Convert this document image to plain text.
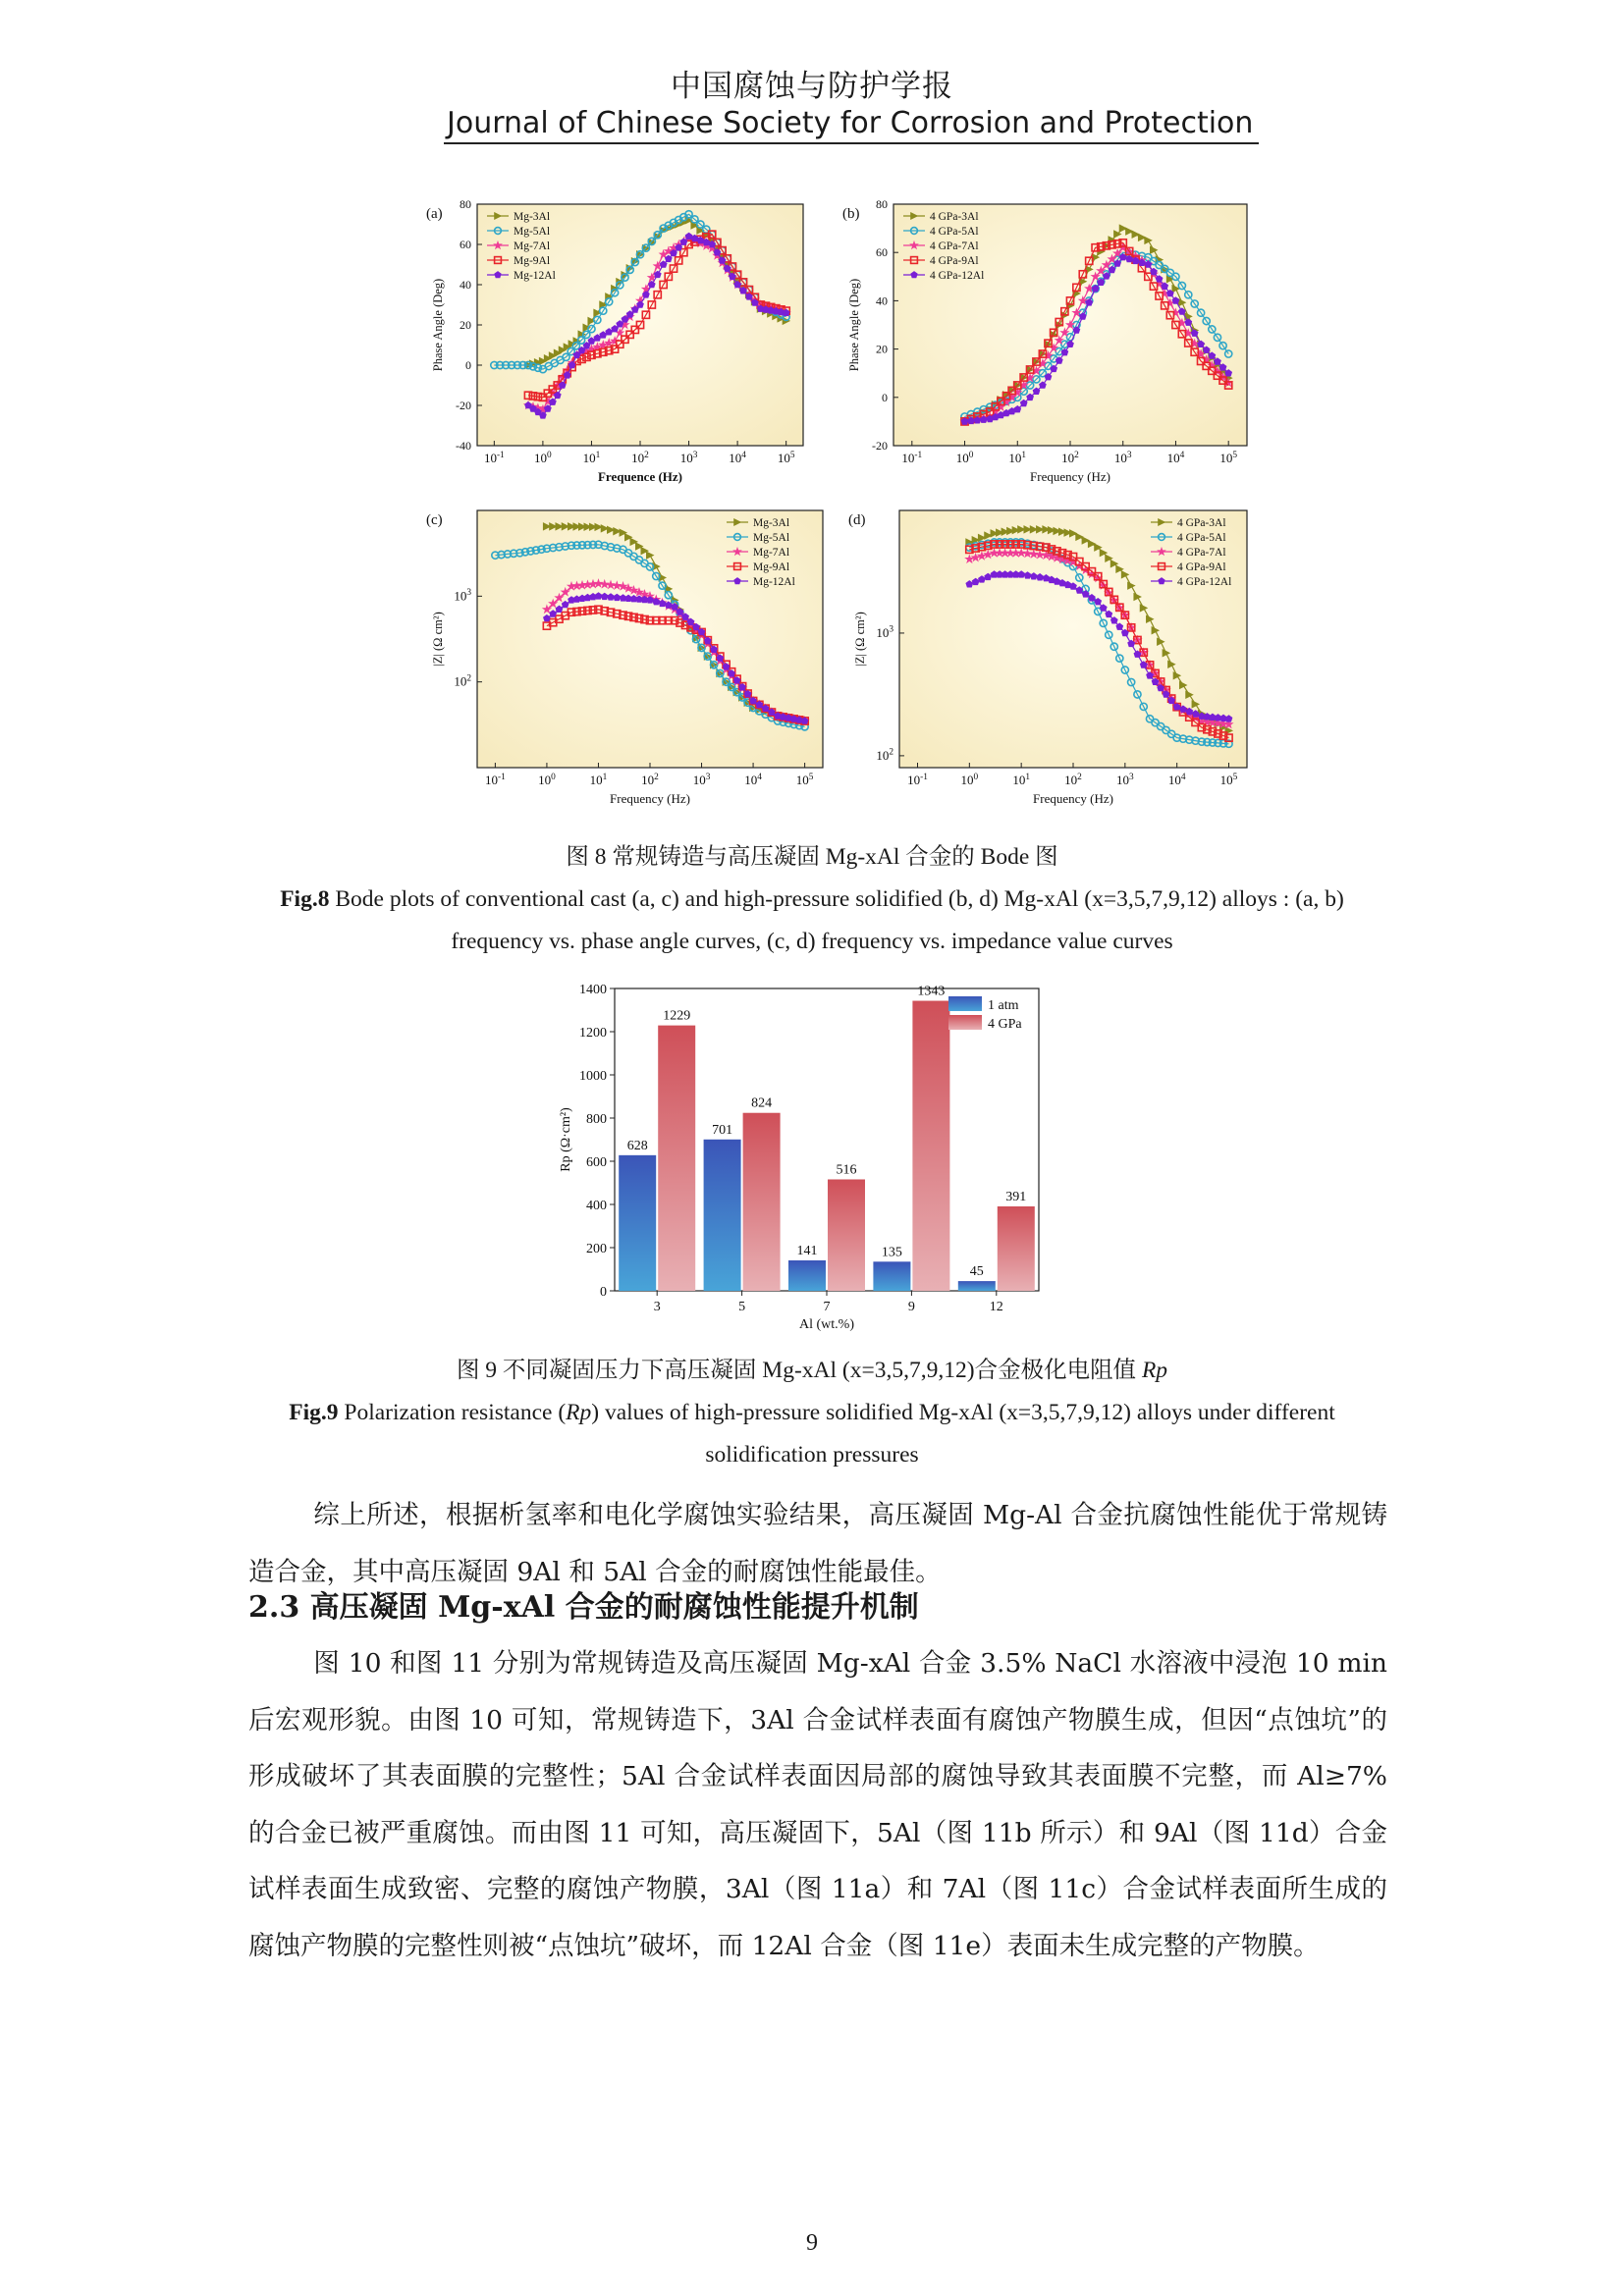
中国腐蚀与防护学报
Journal of Chinese Society for Corrosion and Protection
$10^{-1}$ $10^0$ $10^1$ $10^2$ $10^3$ $10^4$ $10^5$
-40
-20
0
20
40
60
80
Frequence (Hz)
Phase Angle (Deg)
(a)	Mg-3Al
Mg-5Al
Mg-7Al
Mg-9Al
Mg-12Al
$10^{-1}$	$10^0$	$10^1$	$10^2$	$10^3$	$10^4$	$10^5$
-20
0
20
40
60
80
Frequency (Hz)
Phase Angle (Deg)
(b)	4 GPa-3Al
4 GPa-5Al
4 GPa-7Al
4 GPa-9Al
4 GPa-12Al
$10^{-1}$	$10^0$	$10^1$	$10^2$	$10^3$	$10^4$	$10^5$
$10^2$
$10^3$
Frequency (Hz)
|Z| (Ω cm²)
(c)	Mg-3Al
Mg-5Al
Mg-7Al
Mg-9Al
Mg-12Al
$10^{-1}$	$10^0$	$10^1$	$10^2$	$10^3$	$10^4$	$10^5$
$10^2$
$10^3$
Frequency (Hz)
|Z| (Ω cm²)
(d)	4 GPa-3Al
4 GPa-5Al
4 GPa-7Al
4 GPa-9Al
4 GPa-12Al
图 8 常规铸造与高压凝固 Mg-xAl 合金的 Bode 图
Fig.8 Bode plots of conventional cast (a, c) and high-pressure solidified (b, d) Mg-xAl (x=3,5,7,9,12) alloys : (a, b)
frequency vs. phase angle curves, (c, d) frequency vs. impedance value curves
0
200
400
600
800
1000
1200
1400
3
628
1229
5
701
824
7
141
516
9
135
1343
12
45
391
Al (wt.%)
Rp (Ω·cm²)
1 atm
4 GPa
图 9 不同凝固压力下高压凝固 Mg-xAl (x=3,5,7,9,12)合金极化电阻值 Rp
Fig.9 Polarization resistance (Rp) values of high-pressure solidified Mg-xAl (x=3,5,7,9,12) alloys under different
solidification pressures
综上所述，根据析氢率和电化学腐蚀实验结果，高压凝固 Mg-Al 合金抗腐蚀性能优于常规铸造合金，其中高压凝固 9Al 和 5Al 合金的耐腐蚀性能最佳。
2.3 高压凝固 Mg-xAl 合金的耐腐蚀性能提升机制
图 10 和图 11 分别为常规铸造及高压凝固 Mg-xAl 合金 3.5% NaCl 水溶液中浸泡 10 min 后宏观形貌。由图 10 可知，常规铸造下，3Al 合金试样表面有腐蚀产物膜生成，但因“点蚀坑”的形成破坏了其表面膜的完整性；5Al 合金试样表面因局部的腐蚀导致其表面膜不完整，而 Al≥7%的合金已被严重腐蚀。而由图 11 可知，高压凝固下，5Al（图 11b 所示）和 9Al（图 11d）合金试样表面生成致密、完整的腐蚀产物膜，3Al（图 11a）和 7Al（图 11c）合金试样表面所生成的腐蚀产物膜的完整性则被“点蚀坑”破坏，而 12Al 合金（图 11e）表面未生成完整的产物膜。
9
